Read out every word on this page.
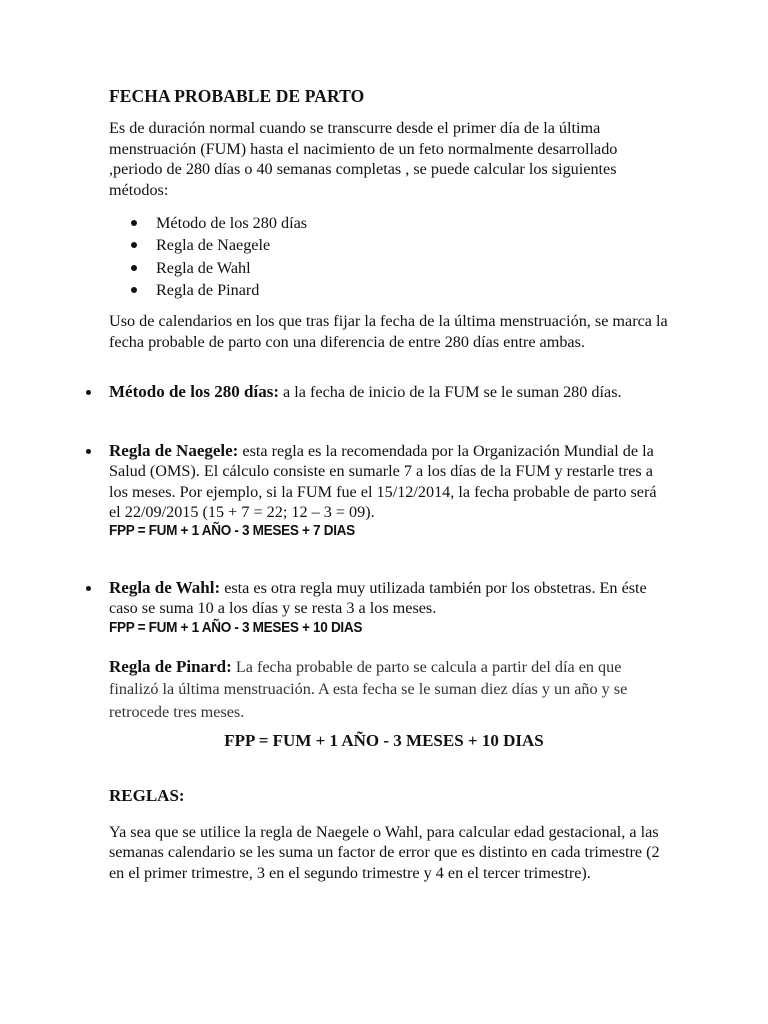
FECHA PROBABLE DE PARTO

Es de duración normal cuando se transcurre desde el primer día de la última menstruación (FUM) hasta el nacimiento de un feto normalmente desarrollado ,periodo de 280 días o 40 semanas completas , se puede calcular los siguientes métodos:

Método de los 280 días
Regla de Naegele
Regla de Wahl
Regla de Pinard

Uso de calendarios en los que tras fijar la fecha de la última menstruación, se marca la fecha probable de parto con una diferencia de entre 280 días entre ambas.

Método de los 280 días: a la fecha de inicio de la FUM se le suman 280 días.
Regla de Naegele: esta regla es la recomendada por la Organización Mundial de la Salud (OMS). El cálculo consiste en sumarle 7 a los días de la FUM y restarle tres a los meses. Por ejemplo, si la FUM fue el 15/12/2014, la fecha probable de parto será el 22/09/2015 (15 + 7 = 22; 12 – 3 = 09).
FPP = FUM + 1 AÑO - 3 MESES + 7 DIAS
Regla de Wahl: esta es otra regla muy utilizada también por los obstetras. En éste caso se suma 10 a los días y se resta 3 a los meses.
FPP = FUM + 1 AÑO - 3 MESES + 10 DIAS

Regla de Pinard: La fecha probable de parto se calcula a partir del día en que finalizó la última menstruación. A esta fecha se le suman diez días y un año y se retrocede tres meses.

FPP = FUM + 1 AÑO - 3 MESES + 10 DIAS
REGLAS:

Ya sea que se utilice la regla de Naegele o Wahl, para calcular edad gestacional, a las semanas calendario se les suma un factor de error que es distinto en cada trimestre (2 en el primer trimestre, 3 en el segundo trimestre y 4 en el tercer trimestre).
